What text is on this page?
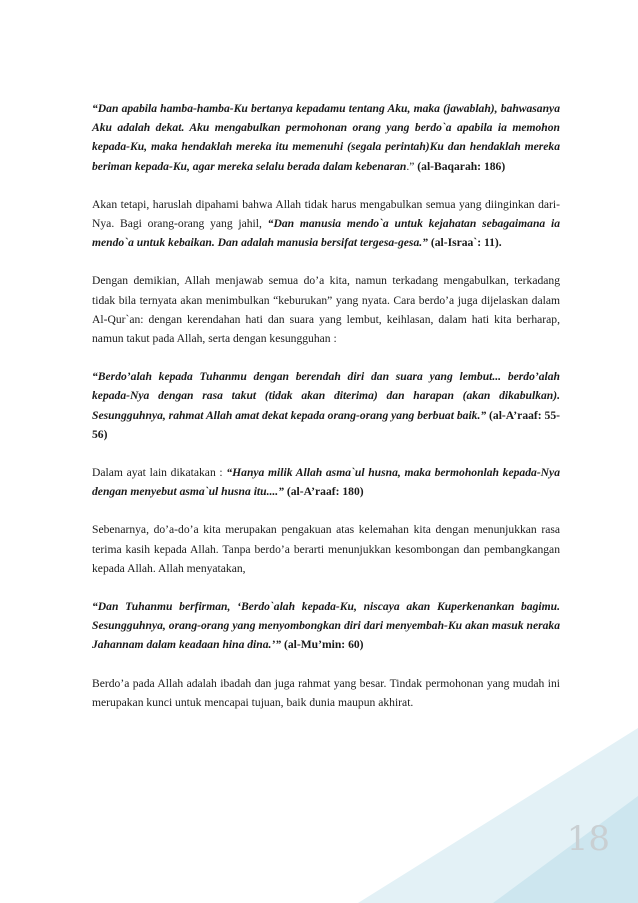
“Dan apabila hamba-hamba-Ku bertanya kepadamu tentang Aku, maka (jawablah), bahwasanya Aku adalah dekat. Aku mengabulkan permohonan orang yang berdo`a apabila ia memohon kepada-Ku, maka hendaklah mereka itu memenuhi (segala perintah)Ku dan hendaklah mereka beriman kepada-Ku, agar mereka selalu berada dalam kebenaran.” (al-Baqarah: 186)

Akan tetapi, haruslah dipahami bahwa Allah tidak harus mengabulkan semua yang diinginkan dari-Nya. Bagi orang-orang yang jahil, “Dan manusia mendo`a untuk kejahatan sebagaimana ia mendo`a untuk kebaikan. Dan adalah manusia bersifat tergesa-gesa.” (al-Israa`: 11).

Dengan demikian, Allah menjawab semua do’a kita, namun terkadang mengabulkan, terkadang tidak bila ternyata akan menimbulkan “keburukan” yang nyata. Cara berdo’a juga dijelaskan dalam Al-Qur`an: dengan kerendahan hati dan suara yang lembut, keihlasan, dalam hati kita berharap, namun takut pada Allah, serta dengan kesungguhan :

“Berdo’alah kepada Tuhanmu dengan berendah diri dan suara yang lembut... berdo’alah kepada-Nya dengan rasa takut (tidak akan diterima) dan harapan (akan dikabulkan). Sesungguhnya, rahmat Allah amat dekat kepada orang-orang yang berbuat baik.” (al-A’raaf: 55-56)

Dalam ayat lain dikatakan : “Hanya milik Allah asma`ul husna, maka bermohonlah kepada-Nya dengan menyebut asma`ul husna itu....” (al-A’raaf: 180)

Sebenarnya, do’a-do’a kita merupakan pengakuan atas kelemahan kita dengan menunjukkan rasa terima kasih kepada Allah. Tanpa berdo’a berarti menunjukkan kesombongan dan pembangkangan kepada Allah. Allah menyatakan,

“Dan Tuhanmu berfirman, ‘Berdo`alah kepada-Ku, niscaya akan Kuperkenankan bagimu. Sesungguhnya, orang-orang yang menyombongkan diri dari menyembah-Ku akan masuk neraka Jahannam dalam keadaan hina dina.’” (al-Mu’min: 60)

Berdo’a pada Allah adalah ibadah dan juga rahmat yang besar. Tindak permohonan yang mudah ini merupakan kunci untuk mencapai tujuan, baik dunia maupun akhirat.

18
